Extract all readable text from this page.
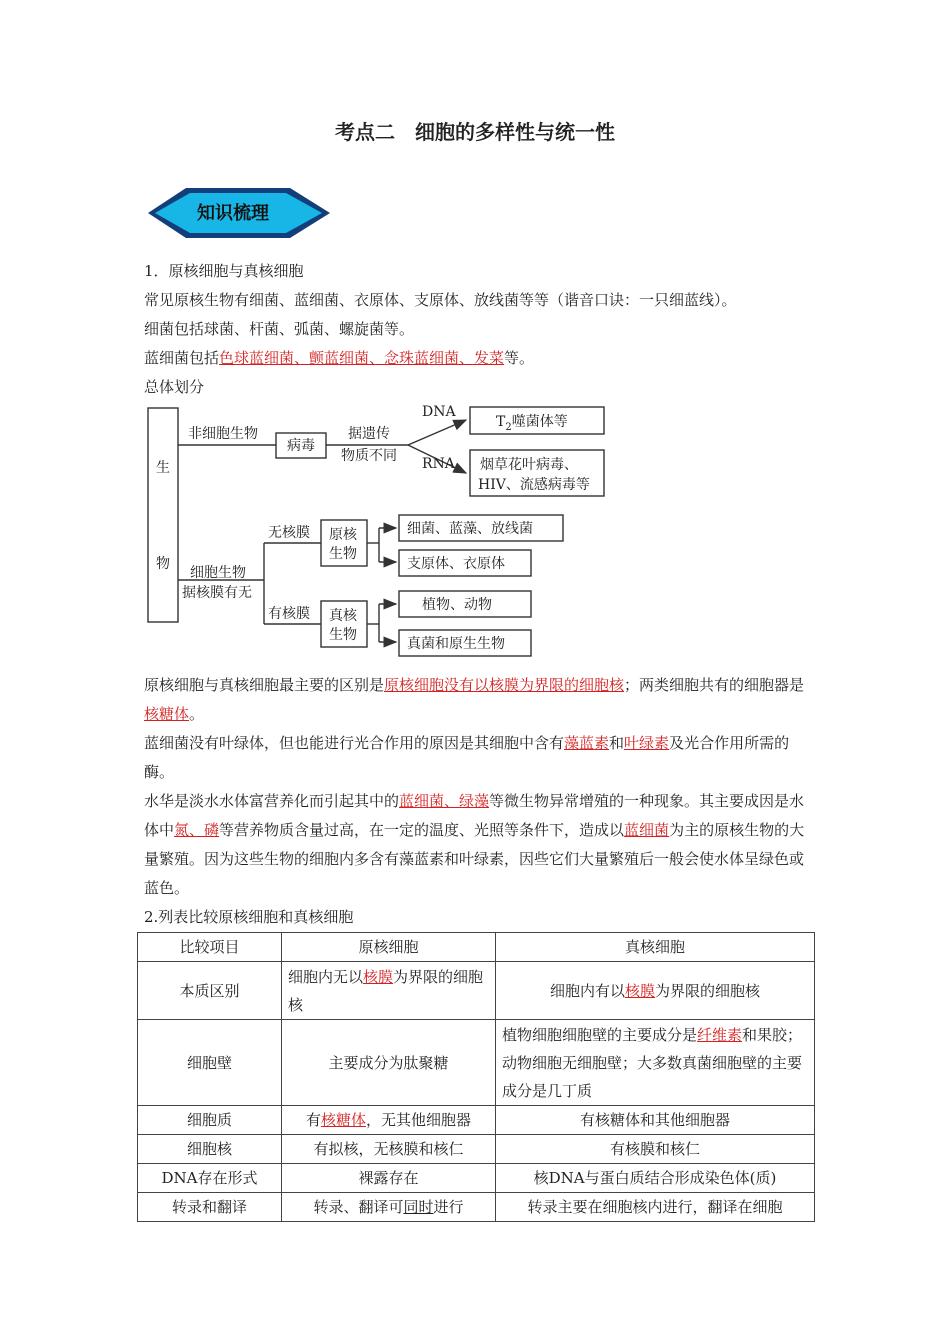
考点二　细胞的多样性与统一性
知识梳理

1．原核细胞与真核细胞

常见原核生物有细菌、蓝细菌、衣原体、支原体、放线菌等等（谐音口诀：一只细蓝线）。

细菌包括球菌、杆菌、弧菌、螺旋菌等。

蓝细菌包括色球蓝细菌、颤蓝细菌、念珠蓝细菌、发菜等。

总体划分

生
物
非细胞生物
病毒
据遗传
物质不同
DNA
RNA
$T_2$噬菌体等
烟草花叶病毒、
HIV、流感病毒等
细胞生物
据核膜有无
无核膜
有核膜
原核
生物
真核
生物
细菌、蓝藻、放线菌
支原体、衣原体
植物、动物
真菌和原生生物

原核细胞与真核细胞最主要的区别是原核细胞没有以核膜为界限的细胞核；两类细胞共有的细胞器是核糖体。

蓝细菌没有叶绿体，但也能进行光合作用的原因是其细胞中含有藻蓝素和叶绿素及光合作用所需的酶。

水华是淡水水体富营养化而引起其中的蓝细菌、绿藻等微生物异常增殖的一种现象。其主要成因是水体中氮、磷等营养物质含量过高，在一定的温度、光照等条件下，造成以蓝细菌为主的原核生物的大量繁殖。因为这些生物的细胞内多含有藻蓝素和叶绿素，因些它们大量繁殖后一般会使水体呈绿色或蓝色。

2.列表比较原核细胞和真核细胞

比较项目	原核细胞	真核细胞
本质区别	细胞内无以核膜为界限的细胞核	细胞内有以核膜为界限的细胞核
细胞壁	主要成分为肽聚糖	植物细胞细胞壁的主要成分是纤维素和果胶；动物细胞无细胞壁；大多数真菌细胞壁的主要成分是几丁质
细胞质	有核糖体，无其他细胞器	有核糖体和其他细胞器
细胞核	有拟核，无核膜和核仁	有核膜和核仁
DNA存在形式	裸露存在	核DNA与蛋白质结合形成染色体(质)
转录和翻译	转录、翻译可同时进行	转录主要在细胞核内进行，翻译在细胞
